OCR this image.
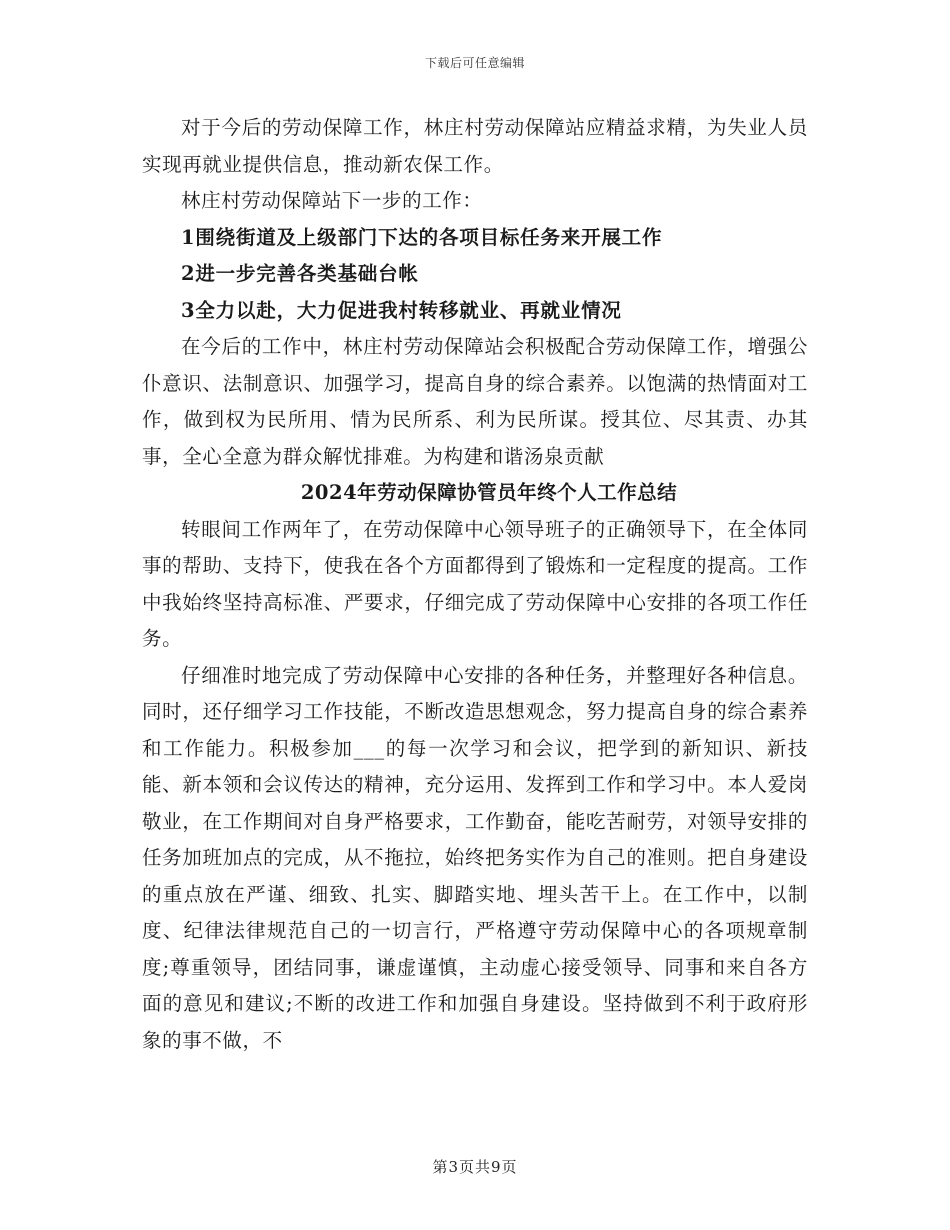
下载后可任意编辑

对于今后的劳动保障工作，林庄村劳动保障站应精益求精，为失业人员实现再就业提供信息，推动新农保工作。

林庄村劳动保障站下一步的工作：

1围绕街道及上级部门下达的各项目标任务来开展工作

2进一步完善各类基础台帐

3全力以赴，大力促进我村转移就业、再就业情况

在今后的工作中，林庄村劳动保障站会积极配合劳动保障工作，增强公仆意识、法制意识、加强学习，提高自身的综合素养。以饱满的热情面对工作，做到权为民所用、情为民所系、利为民所谋。授其位、尽其责、办其事，全心全意为群众解忧排难。为构建和谐汤泉贡献

2024年劳动保障协管员年终个人工作总结

转眼间工作两年了，在劳动保障中心领导班子的正确领导下，在全体同事的帮助、支持下，使我在各个方面都得到了锻炼和一定程度的提高。工作中我始终坚持高标准、严要求，仔细完成了劳动保障中心安排的各项工作任务。

仔细准时地完成了劳动保障中心安排的各种任务，并整理好各种信息。同时，还仔细学习工作技能，不断改造思想观念，努力提高自身的综合素养和工作能力。积极参加___的每一次学习和会议，把学到的新知识、新技能、新本领和会议传达的精神，充分运用、发挥到工作和学习中。本人爱岗敬业，在工作期间对自身严格要求，工作勤奋，能吃苦耐劳，对领导安排的任务加班加点的完成，从不拖拉，始终把务实作为自己的准则。把自身建设的重点放在严谨、细致、扎实、脚踏实地、埋头苦干上。在工作中，以制度、纪律法律规范自己的一切言行，严格遵守劳动保障中心的各项规章制度;尊重领导，团结同事，谦虚谨慎，主动虚心接受领导、同事和来自各方面的意见和建议;不断的改进工作和加强自身建设。坚持做到不利于政府形象的事不做，不

第3页共9页
